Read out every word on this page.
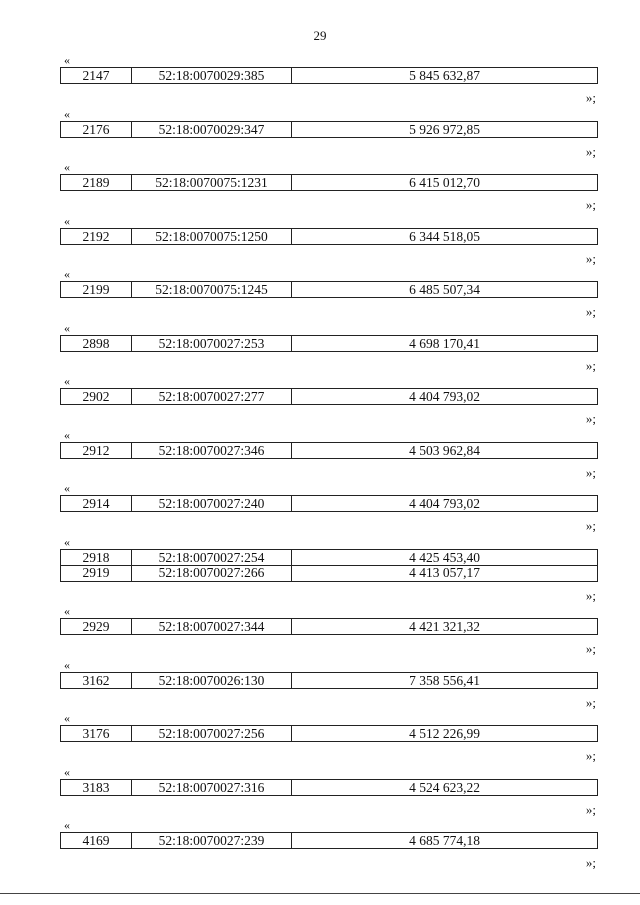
29
«
2147	52:18:0070029:385	5 845 632,87
»;
«
2176	52:18:0070029:347	5 926 972,85
»;
«
2189	52:18:0070075:1231	6 415 012,70
»;
«
2192	52:18:0070075:1250	6 344 518,05
»;
«
2199	52:18:0070075:1245	6 485 507,34
»;
«
2898	52:18:0070027:253	4 698 170,41
»;
«
2902	52:18:0070027:277	4 404 793,02
»;
«
2912	52:18:0070027:346	4 503 962,84
»;
«
2914	52:18:0070027:240	4 404 793,02
»;
«
2918	52:18:0070027:254	4 425 453,40
2919	52:18:0070027:266	4 413 057,17
»;
«
2929	52:18:0070027:344	4 421 321,32
»;
«
3162	52:18:0070026:130	7 358 556,41
»;
«
3176	52:18:0070027:256	4 512 226,99
»;
«
3183	52:18:0070027:316	4 524 623,22
»;
«
4169	52:18:0070027:239	4 685 774,18
»;
